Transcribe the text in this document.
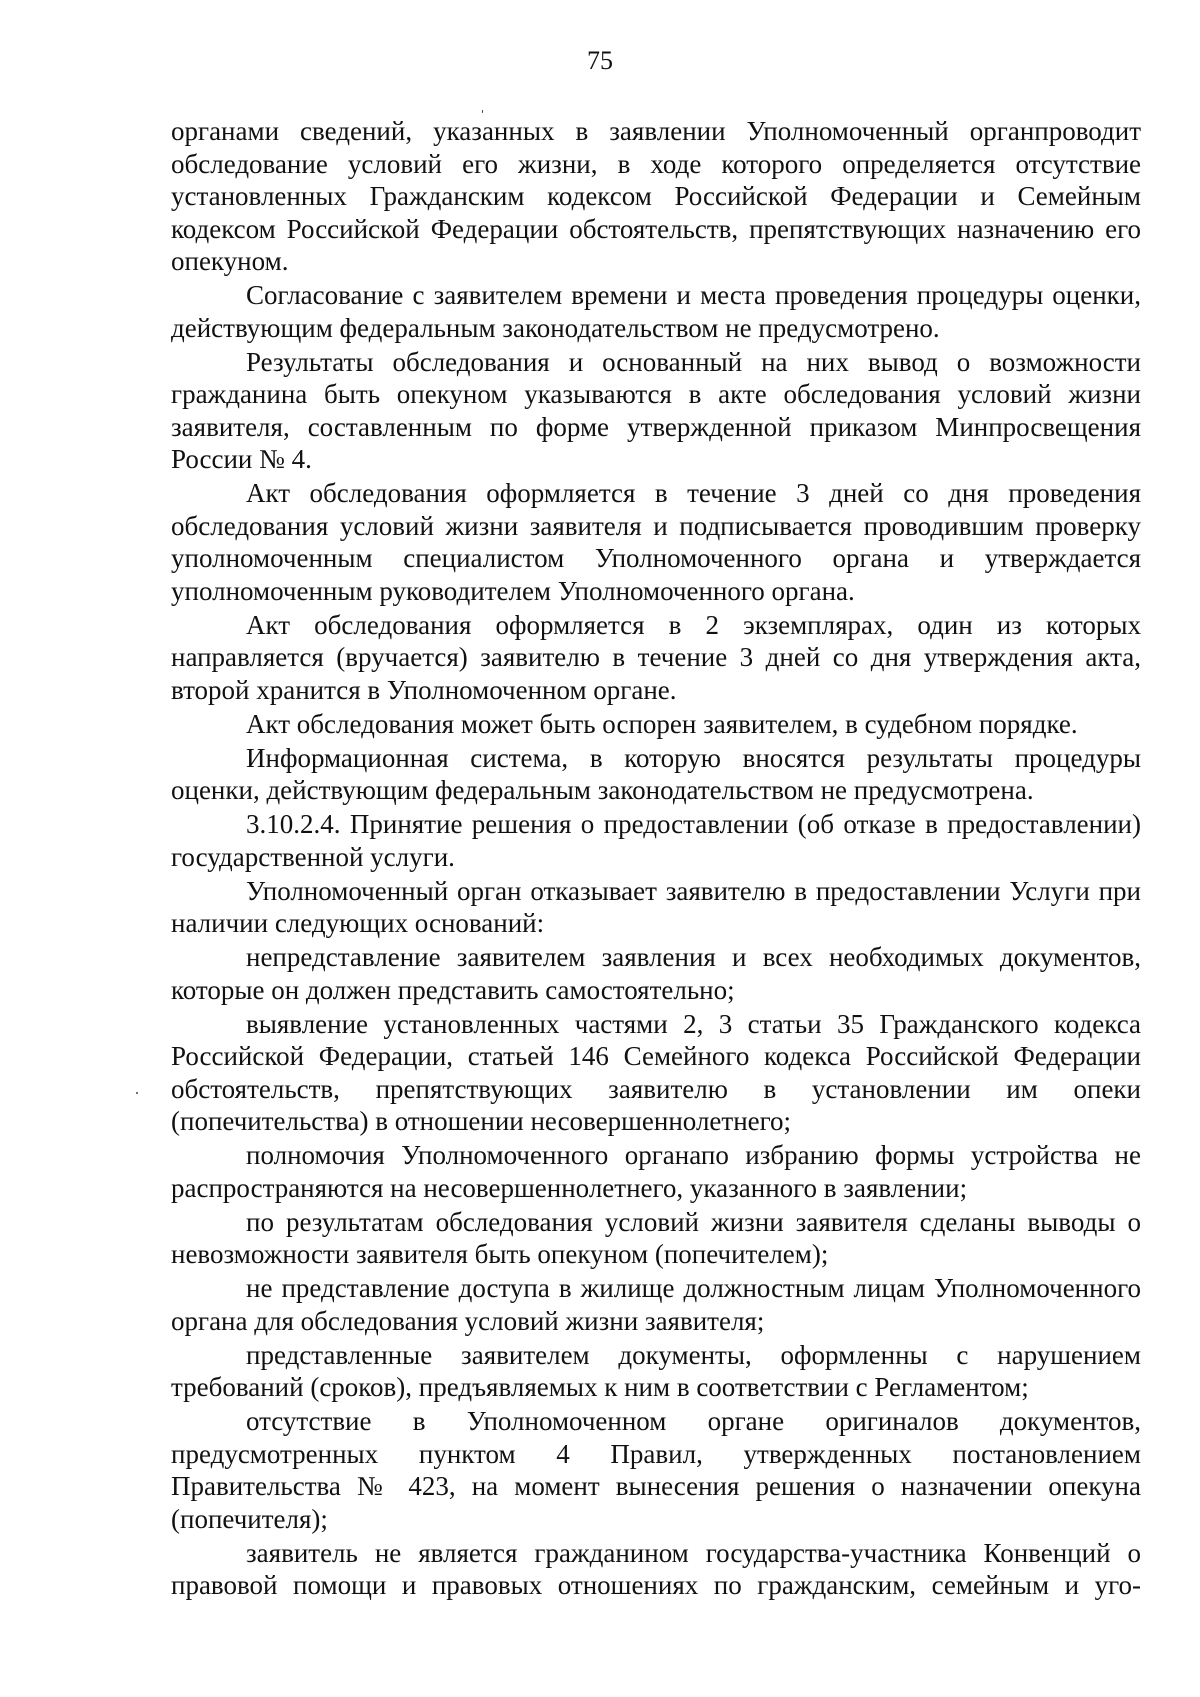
75

органами сведений, указанных в заявлении Уполномоченный органпроводит обследование условий его жизни, в ходе которого определяется отсутствие установленных Гражданским кодексом Российской Федерации и Семейным кодексом Российской Федерации обстоятельств, препятствующих назначению его опекуном.

Согласование с заявителем времени и места проведения процедуры оценки, действующим федеральным законодательством не предусмотрено.

Результаты обследования и основанный на них вывод о возможности гражданина быть опекуном указываются в акте обследования условий жизни заявителя, составленным по форме утвержденной приказом Минпросвещения России № 4.

Акт обследования оформляется в течение 3 дней со дня проведения обследования условий жизни заявителя и подписывается проводившим проверку уполномоченным специалистом Уполномоченного органа и утверждается уполномоченным руководителем Уполномоченного органа.

Акт обследования оформляется в 2 экземплярах, один из которых направляется (вручается) заявителю в течение 3 дней со дня утверждения акта, второй хранится в Уполномоченном органе.

Акт обследования может быть оспорен заявителем, в судебном порядке.

Информационная система, в которую вносятся результаты процедуры оценки, действующим федеральным законодательством не предусмотрена.

3.10.2.4. Принятие решения о предоставлении (об отказе в предоставлении) государственной услуги.

Уполномоченный орган отказывает заявителю в предоставлении Услуги при наличии следующих оснований:

непредставление заявителем заявления и всех необходимых документов, которые он должен представить самостоятельно;

выявление установленных частями 2, 3 статьи 35 Гражданского кодекса Российской Федерации, статьей 146 Семейного кодекса Российской Федерации обстоятельств, препятствующих заявителю в установлении им опеки (попечительства) в отношении несовершеннолетнего;

полномочия Уполномоченного органапо избранию формы устройства не распространяются на несовершеннолетнего, указанного в заявлении;

по результатам обследования условий жизни заявителя сделаны выводы о невозможности заявителя быть опекуном (попечителем);

не представление доступа в жилище должностным лицам Уполномоченного органа для обследования условий жизни заявителя;

представленные заявителем документы, оформленны с нарушением требований (сроков), предъявляемых к ним в соответствии с Регламентом;

отсутствие в Уполномоченном органе оригиналов документов, предусмотренных пунктом 4 Правил, утвержденных постановлением Правительства № 423, на момент вынесения решения о назначении опекуна (попечителя);

заявитель не является гражданином государства-участника Конвенций о правовой помощи и правовых отношениях по гражданским, семейным и уго-
